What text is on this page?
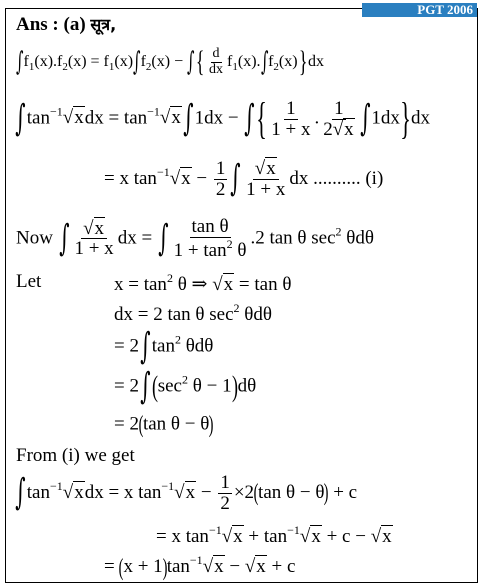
PGT 2006
Ans : (a) सूत्र,
$\int f_1(x).f_2(x) = f_1(x)\int f_2(x)$ − ∫{ $\frac{d}{dx} f_1(x).\int f_2(x)\}dx$
$\int\tan^{-1}√xdx = \tan^{-1}√x\int 1dx$ − ∫{ $\frac{1}{1 + x}$ . $\frac{1}{2√x} \int 1dx\}dx$
= x $\tan^{-1}√x - \frac{1}{2}$ ∫ $\frac{√x}{1 + x}$ dx .......... (i)
Now ∫ $\frac{√x}{1 + x}$ dx = ∫ $\frac{\text{tan θ}}{1 + \tan^2 \theta} .2$ tan θ $\sec^2 \theta d\theta$
Let	$x = \tan^2 \theta$ ⇒ √x = tan θ
dx = 2 tan θ $\sec^2 \theta d\theta$
= $2\int\tan^2$ θdθ
= $2\int(\sec^2$ θ − 1)dθ
= 2(tan θ − θ)
From (i) we get
$\int\tan^{-1}√xdx = x$ $\tan^{-1}√x - \frac{1}{2} \times 2(\tan$ θ − θ) + c
= x $\tan^{-1}√x + \tan^{-1}√x + c - √x$
= $(x + 1)\tan^{-1}√x - √x + c$
